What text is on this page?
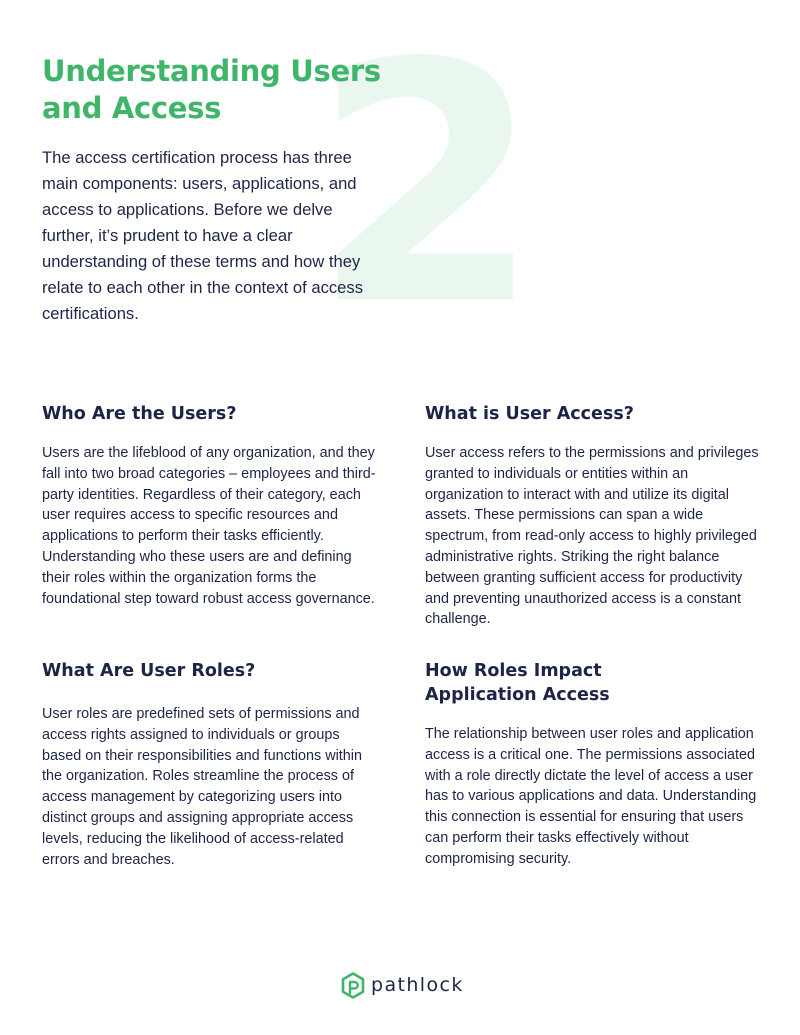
2
Understanding Users and Access

The access certification process has three main components: users, applications, and access to applications. Before we delve further, it’s prudent to have a clear understanding of these terms and how they relate to each other in the context of access certifications.

Who Are the Users?

Users are the lifeblood of any organization, and they fall into two broad categories – employees and third-party identities. Regardless of their category, each user requires access to specific resources and applications to perform their tasks efficiently. Understanding who these users are and defining their roles within the organization forms the foundational step toward robust access governance.

What is User Access?

User access refers to the permissions and privileges granted to individuals or entities within an organization to interact with and utilize its digital assets. These permissions can span a wide spectrum, from read-only access to highly privileged administrative rights. Striking the right balance between granting sufficient access for productivity and preventing unauthorized access is a constant challenge.

What Are User Roles?

User roles are predefined sets of permissions and access rights assigned to individuals or groups based on their responsibilities and functions within the organization. Roles streamline the process of access management by categorizing users into distinct groups and assigning appropriate access levels, reducing the likelihood of access-related errors and breaches.

How Roles Impact Application Access

The relationship between user roles and application access is a critical one. The permissions associated with a role directly dictate the level of access a user has to various applications and data. Understanding this connection is essential for ensuring that users can perform their tasks effectively without compromising security.

pathlock
